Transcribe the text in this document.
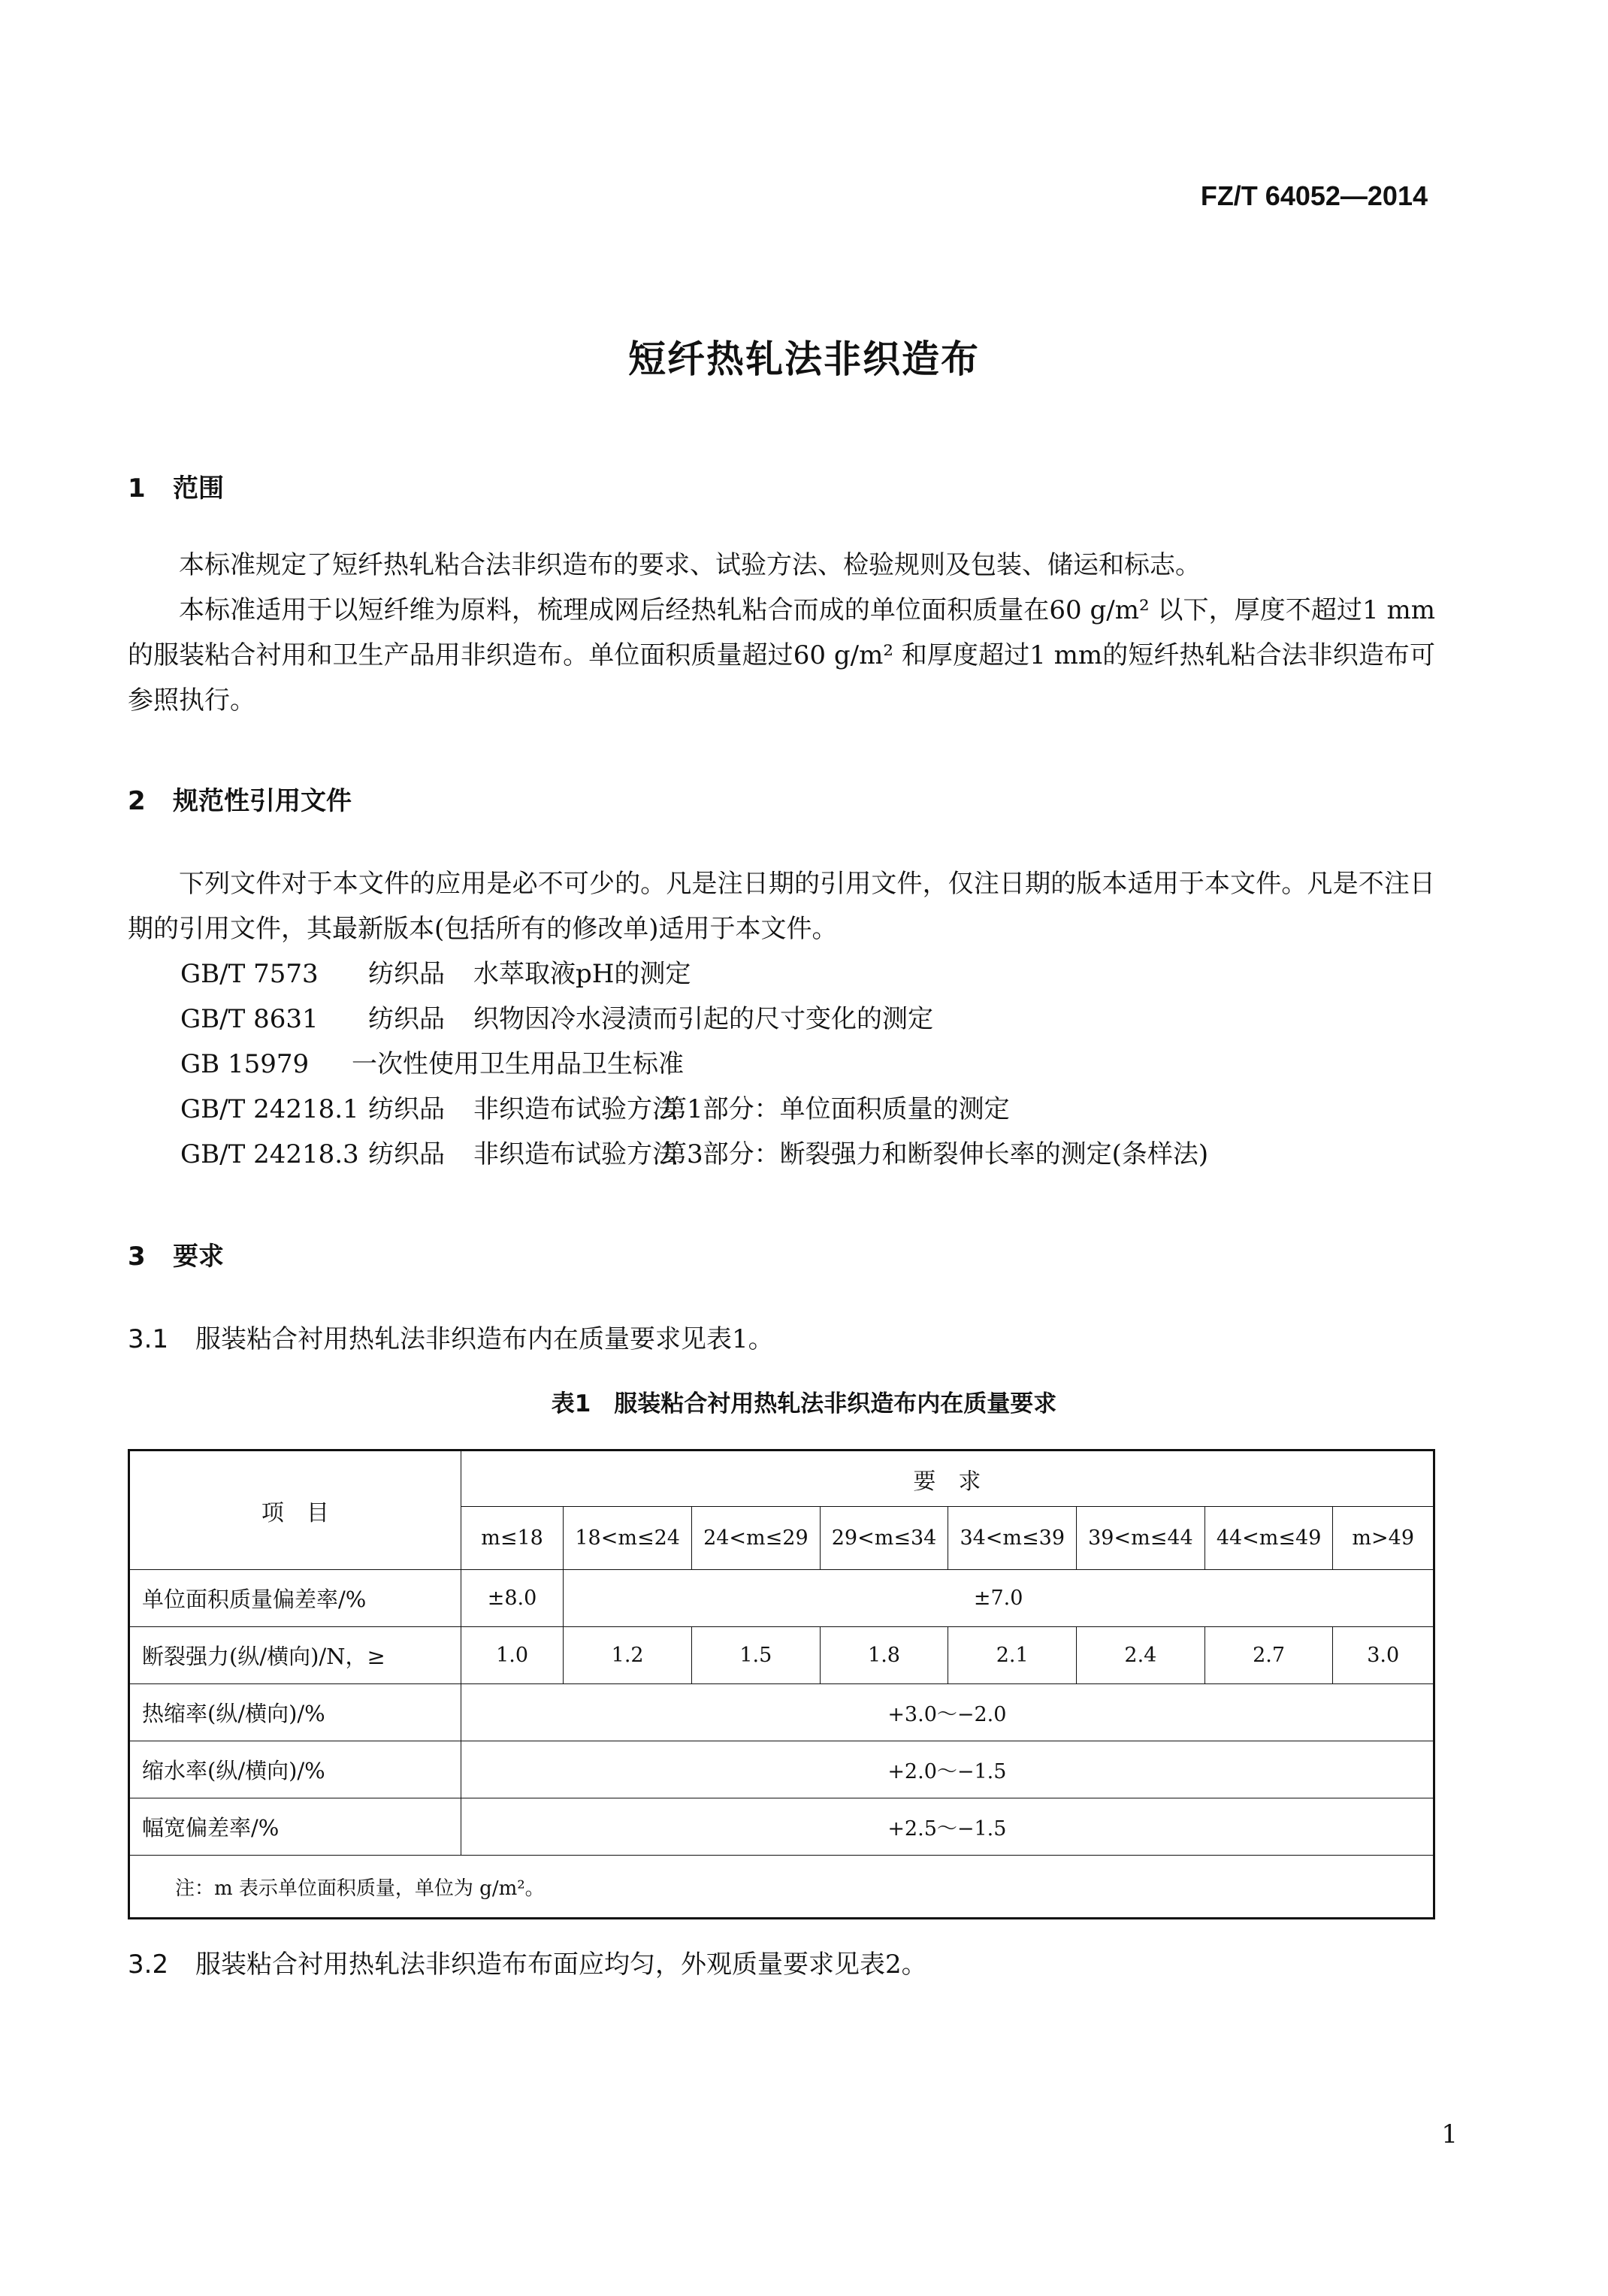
FZ/T 64052—2014
短纤热轧法非织造布
1 范围

本标准规定了短纤热轧粘合法非织造布的要求、试验方法、检验规则及包装、储运和标志。

本标准适用于以短纤维为原料，梳理成网后经热轧粘合而成的单位面积质量在60 g/m² 以下，厚度不超过1 mm的服装粘合衬用和卫生产品用非织造布。单位面积质量超过60 g/m² 和厚度超过1 mm的短纤热轧粘合法非织造布可参照执行。

2 规范性引用文件

下列文件对于本文件的应用是必不可少的。凡是注日期的引用文件，仅注日期的版本适用于本文件。凡是不注日期的引用文件，其最新版本(包括所有的修改单)适用于本文件。

GB/T 7573 纺织品 水萃取液pH的测定
GB/T 8631 纺织品 织物因冷水浸渍而引起的尺寸变化的测定
GB 15979 一次性使用卫生用品卫生标准
GB/T 24218.1 纺织品 非织造布试验方法第1部分：单位面积质量的测定
GB/T 24218.3 纺织品 非织造布试验方法第3部分：断裂强力和断裂伸长率的测定(条样法)
3 要求
3.1 服装粘合衬用热轧法非织造布内在质量要求见表1。
表1　服装粘合衬用热轧法非织造布内在质量要求
项　目	要　求							
	m≤18	18<m≤24	24<m≤29	29<m≤34	34<m≤39	39<m≤44	44<m≤49	m>49
单位面积质量偏差率/%	±8.0	±7.0						
断裂强力(纵/横向)/N，≥	1.0	1.2	1.5	1.8	2.1	2.4	2.7	3.0
热缩率(纵/横向)/%	+3.0～−2.0							
缩水率(纵/横向)/%	+2.0～−1.5							
幅宽偏差率/%	+2.5～−1.5							
注：m 表示单位面积质量，单位为 g/m²。								
3.2 服装粘合衬用热轧法非织造布布面应均匀，外观质量要求见表2。
1
